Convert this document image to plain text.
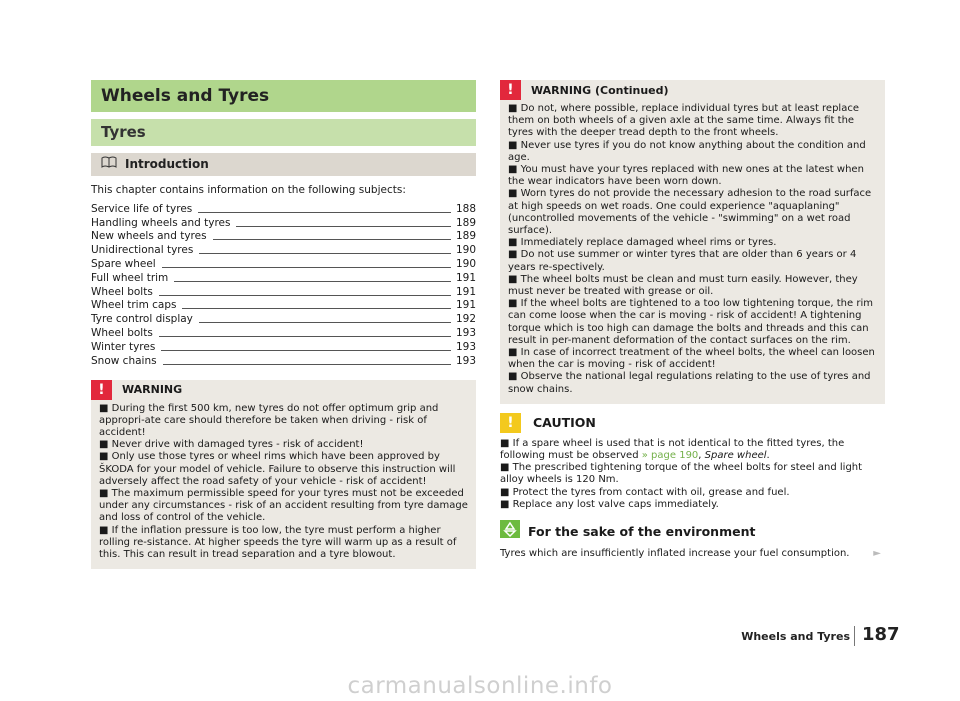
Wheels and Tyres
Tyres
Introduction
This chapter contains information on the following subjects:
Service life of tyres	188
Handling wheels and tyres	189
New wheels and tyres	189
Unidirectional tyres	190
Spare wheel	190
Full wheel trim	191
Wheel bolts	191
Wheel trim caps	191
Tyre control display	192
Wheel bolts	193
Winter tyres	193
Snow chains	193
!	WARNING

■ During the first 500 km, new tyres do not offer optimum grip and appropri-ate care should therefore be taken when driving - risk of accident!

■ Never drive with damaged tyres - risk of accident!

■ Only use those tyres or wheel rims which have been approved by ŠKODA for your model of vehicle. Failure to observe this instruction will adversely affect the road safety of your vehicle - risk of accident!

■ The maximum permissible speed for your tyres must not be exceeded under any circumstances - risk of an accident resulting from tyre damage and loss of control of the vehicle.

■ If the inflation pressure is too low, the tyre must perform a higher rolling re-sistance. At higher speeds the tyre will warm up as a result of this. This can result in tread separation and a tyre blowout.

!	WARNING (Continued)

■ Do not, where possible, replace individual tyres but at least replace them on both wheels of a given axle at the same time. Always fit the tyres with the deeper tread depth to the front wheels.

■ Never use tyres if you do not know anything about the condition and age.

■ You must have your tyres replaced with new ones at the latest when the wear indicators have been worn down.

■ Worn tyres do not provide the necessary adhesion to the road surface at high speeds on wet roads. One could experience "aquaplaning" (uncontrolled movements of the vehicle - "swimming" on a wet road surface).

■ Immediately replace damaged wheel rims or tyres.

■ Do not use summer or winter tyres that are older than 6 years or 4 years re-spectively.

■ The wheel bolts must be clean and must turn easily. However, they must never be treated with grease or oil.

■ If the wheel bolts are tightened to a too low tightening torque, the rim can come loose when the car is moving - risk of accident! A tightening torque which is too high can damage the bolts and threads and this can result in per-manent deformation of the contact surfaces on the rim.

■ In case of incorrect treatment of the wheel bolts, the wheel can loosen when the car is moving - risk of accident!

■ Observe the national legal regulations relating to the use of tyres and snow chains.

!	CAUTION

■ If a spare wheel is used that is not identical to the fitted tyres, the following must be observed » page 190, Spare wheel.

■ The prescribed tightening torque of the wheel bolts for steel and light alloy wheels is 120 Nm.

■ Protect the tyres from contact with oil, grease and fuel.

■ Replace any lost valve caps immediately.

For the sake of the environment
Tyres which are insufficiently inflated increase your fuel consumption.	►
Wheels and Tyres 187
carmanualsonline.info
